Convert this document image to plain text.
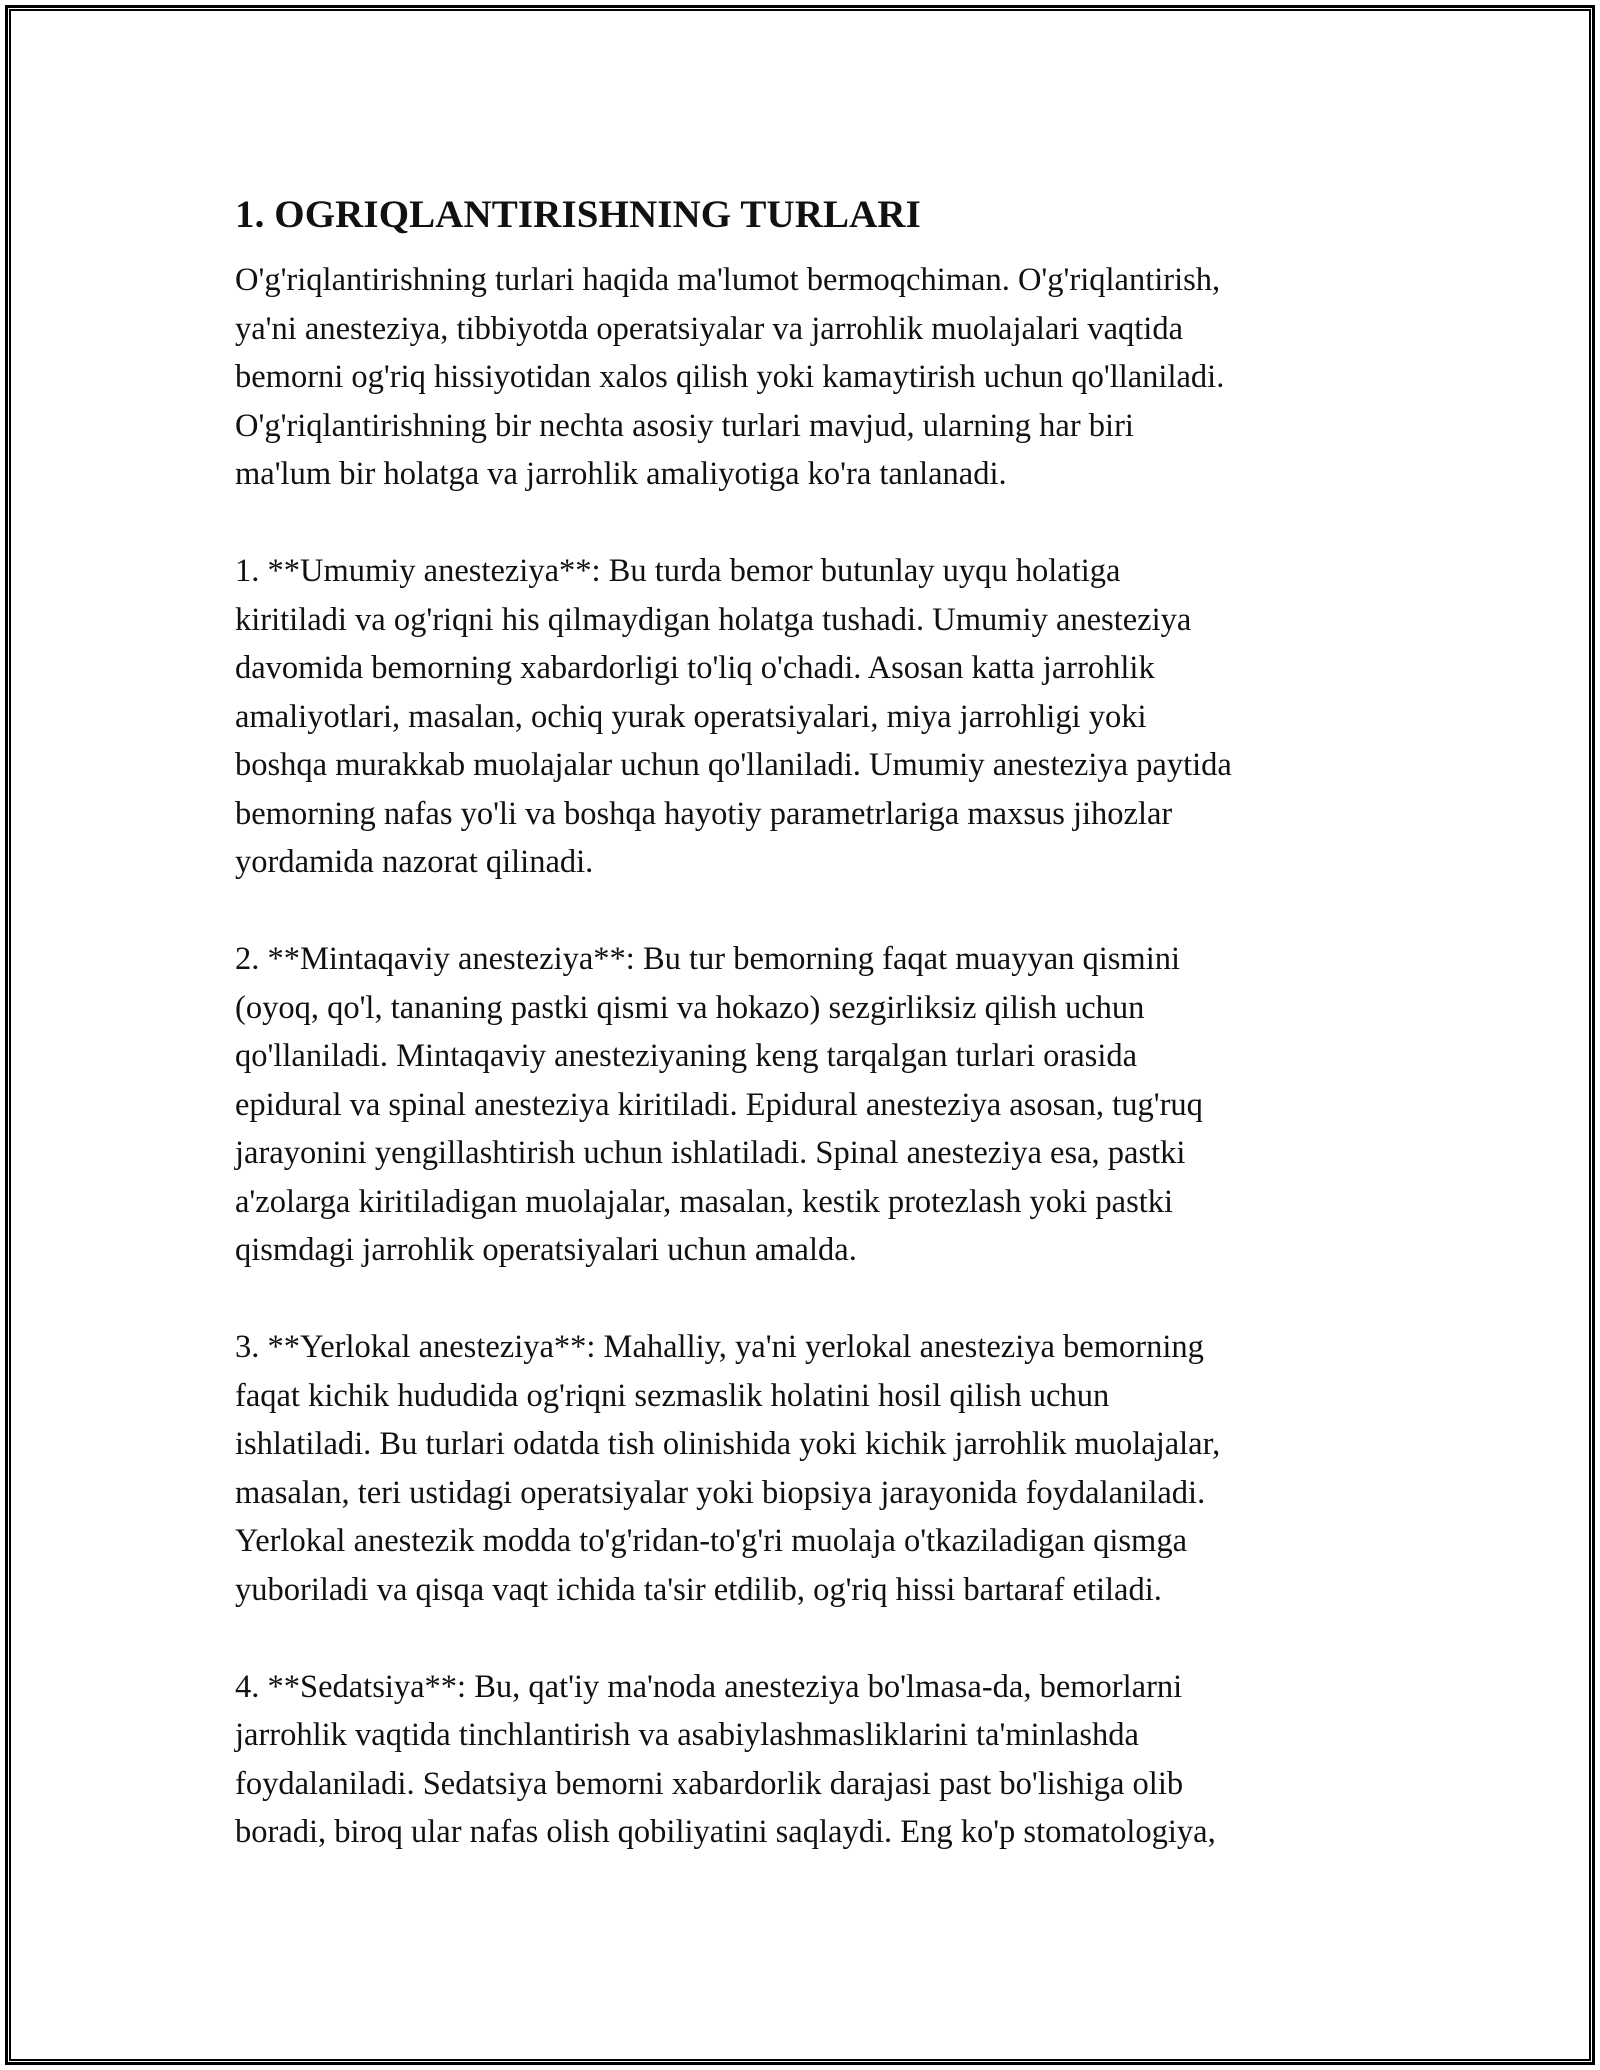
1. OGRIQLANTIRISHNING TURLARI
O'g'riqlantirishning turlari haqida ma'lumot bermoqchiman. O'g'riqlantirish,
ya'ni anesteziya, tibbiyotda operatsiyalar va jarrohlik muolajalari vaqtida
bemorni og'riq hissiyotidan xalos qilish yoki kamaytirish uchun qo'llaniladi.
O'g'riqlantirishning bir nechta asosiy turlari mavjud, ularning har biri
ma'lum bir holatga va jarrohlik amaliyotiga ko'ra tanlanadi.
1. **Umumiy anesteziya**: Bu turda bemor butunlay uyqu holatiga
kiritiladi va og'riqni his qilmaydigan holatga tushadi. Umumiy anesteziya
davomida bemorning xabardorligi to'liq o'chadi. Asosan katta jarrohlik
amaliyotlari, masalan, ochiq yurak operatsiyalari, miya jarrohligi yoki
boshqa murakkab muolajalar uchun qo'llaniladi. Umumiy anesteziya paytida
bemorning nafas yo'li va boshqa hayotiy parametrlariga maxsus jihozlar
yordamida nazorat qilinadi.
2. **Mintaqaviy anesteziya**: Bu tur bemorning faqat muayyan qismini
(oyoq, qo'l, tananing pastki qismi va hokazo) sezgirliksiz qilish uchun
qo'llaniladi. Mintaqaviy anesteziyaning keng tarqalgan turlari orasida
epidural va spinal anesteziya kiritiladi. Epidural anesteziya asosan, tug'ruq
jarayonini yengillashtirish uchun ishlatiladi. Spinal anesteziya esa, pastki
a'zolarga kiritiladigan muolajalar, masalan, kestik protezlash yoki pastki
qismdagi jarrohlik operatsiyalari uchun amalda.
3. **Yerlokal anesteziya**: Mahalliy, ya'ni yerlokal anesteziya bemorning
faqat kichik hududida og'riqni sezmaslik holatini hosil qilish uchun
ishlatiladi. Bu turlari odatda tish olinishida yoki kichik jarrohlik muolajalar,
masalan, teri ustidagi operatsiyalar yoki biopsiya jarayonida foydalaniladi.
Yerlokal anestezik modda to'g'ridan-to'g'ri muolaja o'tkaziladigan qismga
yuboriladi va qisqa vaqt ichida ta'sir etdilib, og'riq hissi bartaraf etiladi.
4. **Sedatsiya**: Bu, qat'iy ma'noda anesteziya bo'lmasa-da, bemorlarni
jarrohlik vaqtida tinchlantirish va asabiylashmasliklarini ta'minlashda
foydalaniladi. Sedatsiya bemorni xabardorlik darajasi past bo'lishiga olib
boradi, biroq ular nafas olish qobiliyatini saqlaydi. Eng ko'p stomatologiya,
